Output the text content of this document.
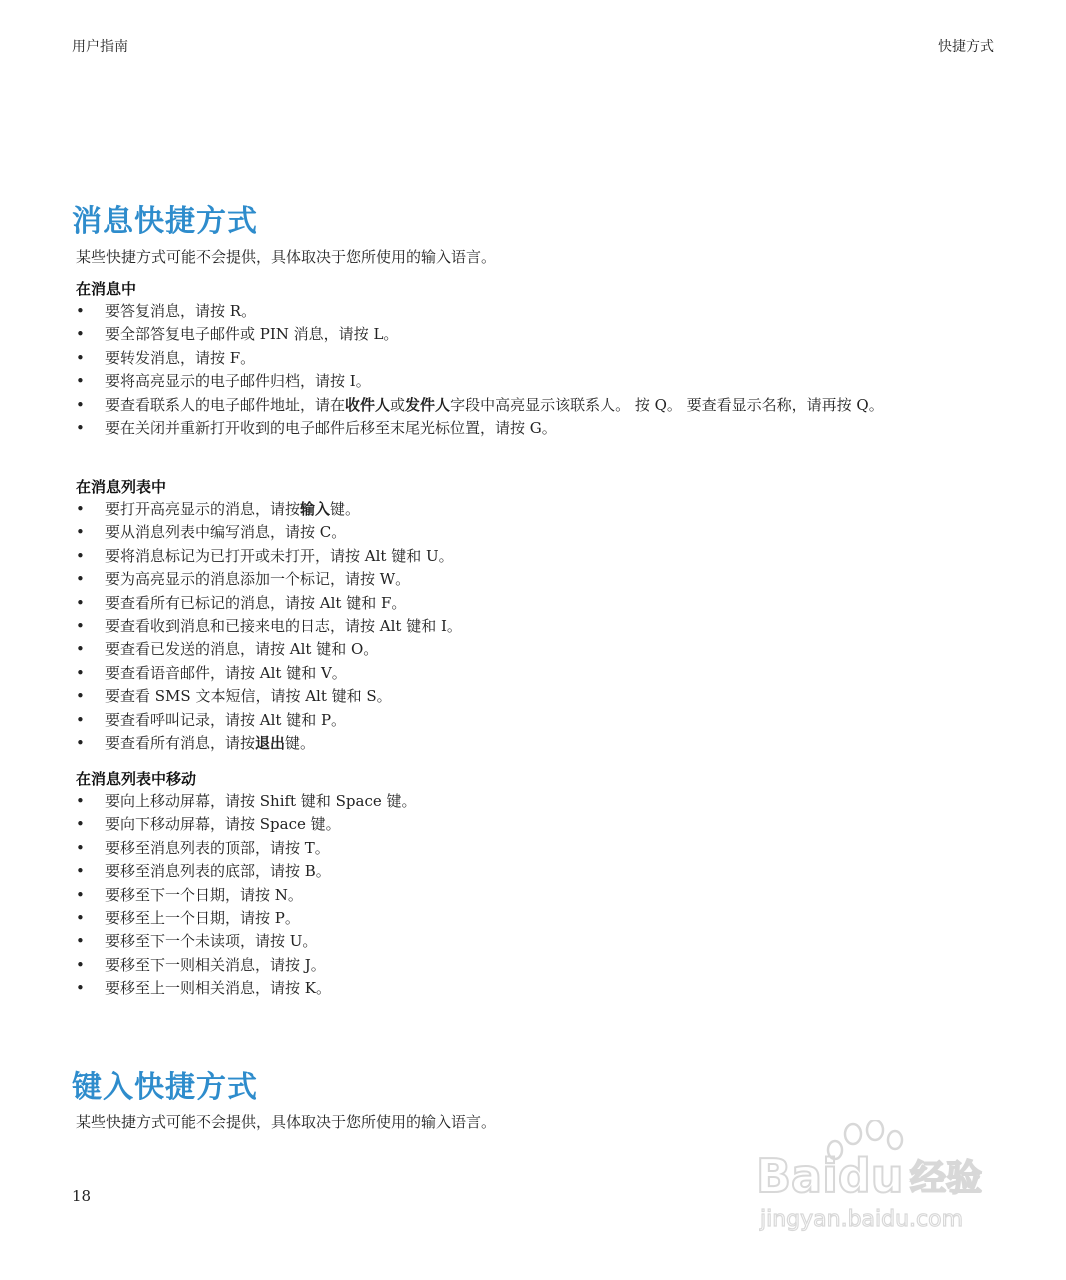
用户指南	快捷方式
消息快捷方式

某些快捷方式可能不会提供，具体取决于您所使用的输入语言。

在消息中
• 要答复消息，请按 R。
• 要全部答复电子邮件或 PIN 消息，请按 L。
• 要转发消息，请按 F。
• 要将高亮显示的电子邮件归档，请按 I。
• 要查看联系人的电子邮件地址，请在收件人或发件人字段中高亮显示该联系人。 按 Q。 要查看显示名称，请再按 Q。
• 要在关闭并重新打开收到的电子邮件后移至末尾光标位置，请按 G。
在消息列表中
• 要打开高亮显示的消息，请按输入键。
• 要从消息列表中编写消息，请按 C。
• 要将消息标记为已打开或未打开，请按 Alt 键和 U。
• 要为高亮显示的消息添加一个标记，请按 W。
• 要查看所有已标记的消息，请按 Alt 键和 F。
• 要查看收到消息和已接来电的日志，请按 Alt 键和 I。
• 要查看已发送的消息，请按 Alt 键和 O。
• 要查看语音邮件，请按 Alt 键和 V。
• 要查看 SMS 文本短信，请按 Alt 键和 S。
• 要查看呼叫记录，请按 Alt 键和 P。
• 要查看所有消息，请按退出键。
在消息列表中移动
• 要向上移动屏幕，请按 Shift 键和 Space 键。
• 要向下移动屏幕，请按 Space 键。
• 要移至消息列表的顶部，请按 T。
• 要移至消息列表的底部，请按 B。
• 要移至下一个日期，请按 N。
• 要移至上一个日期，请按 P。
• 要移至下一个未读项，请按 U。
• 要移至下一则相关消息，请按 J。
• 要移至上一则相关消息，请按 K。
键入快捷方式

某些快捷方式可能不会提供，具体取决于您所使用的输入语言。

18	Baidu 经验
jingyan.baidu.com
